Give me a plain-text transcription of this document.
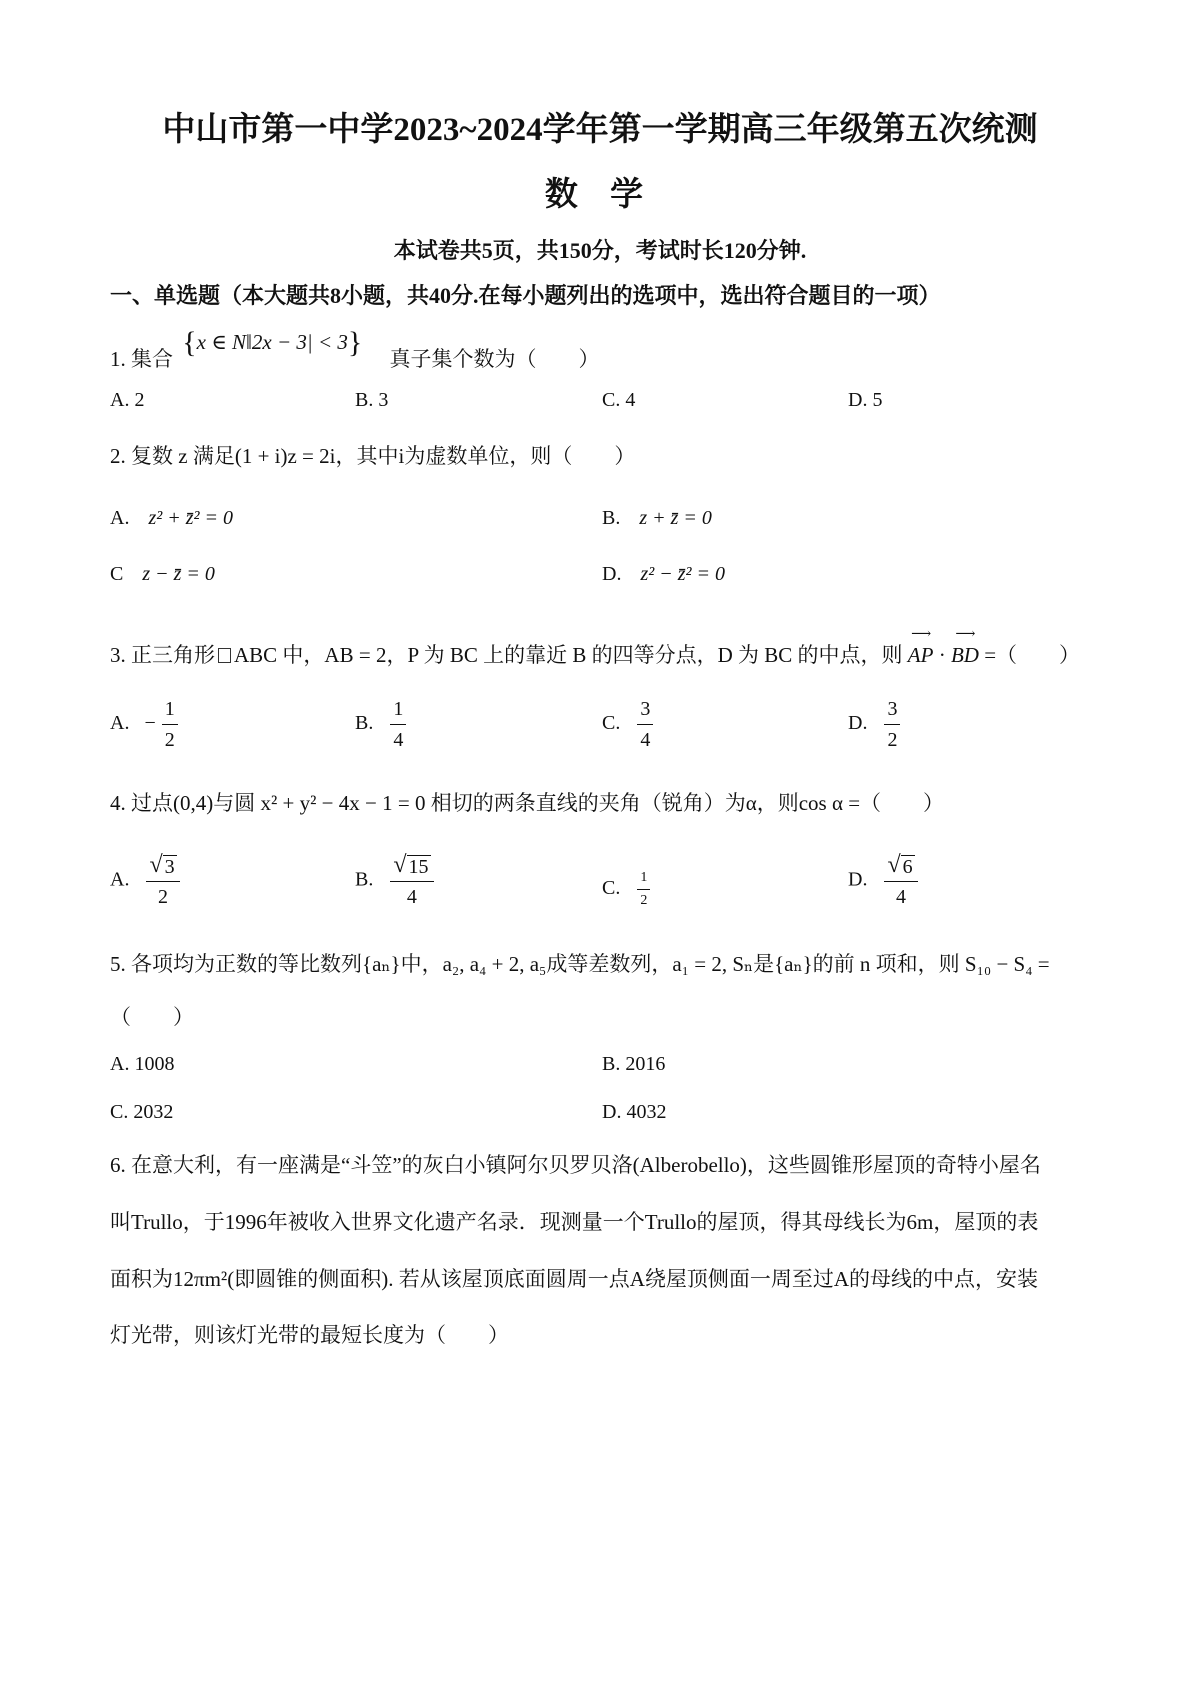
中山市第一中学2023~2024学年第一学期高三年级第五次统测
数 学
本试卷共5页，共150分，考试时长120分钟.
一、单选题（本大题共8小题，共40分.在每小题列出的选项中，选出符合题目的一项）
1. 集合 {x ∈ N‖2x − 3| < 3} 真子集个数为（　　）
A. 2	B. 3	C. 4	D. 5
2. 复数 z 满足(1 + i)z = 2i，其中i为虚数单位，则（　　）
A. z² + z̄² = 0	B. z + z̄ = 0
C z − z̄ = 0	D. z² − z̄² = 0
3. 正三角形 ABC 中，AB = 2，P 为 BC 上的靠近 B 的四等分点，D 为 BC 的中点，则
⟶
AP ·
⟶
BD =（　　）
A. − $\frac{1}{2}$	B. $\frac{1}{4}$	C. $\frac{3}{4}$	D. $\frac{3}{2}$
4. 过点(0,4)与圆 x² + y² − 4x − 1 = 0 相切的两条直线的夹角（锐角）为α，则cos α =（　　）
A. $\frac{√ 3}{2}$	B. $\frac{√ 15}{4}$	C. $\frac{1}{2}$	D. $\frac{√ 6}{4}$
5. 各项均为正数的等比数列{aₙ}中，a₂, a₄ + 2, a₅成等差数列，a₁ = 2, Sₙ是{aₙ}的前 n 项和，则 S₁₀ − S₄ =
（　　）
A. 1008	B. 2016
C. 2032	D. 4032
6. 在意大利，有一座满是“斗笠”的灰白小镇阿尔贝罗贝洛(Alberobello)，这些圆锥形屋顶的奇特小屋名
叫Trullo，于1996年被收入世界文化遗产名录．现测量一个Trullo的屋顶，得其母线长为6m，屋顶的表
面积为12πm²(即圆锥的侧面积). 若从该屋顶底面圆周一点A绕屋顶侧面一周至过A的母线的中点，安装
灯光带，则该灯光带的最短长度为（　　）
